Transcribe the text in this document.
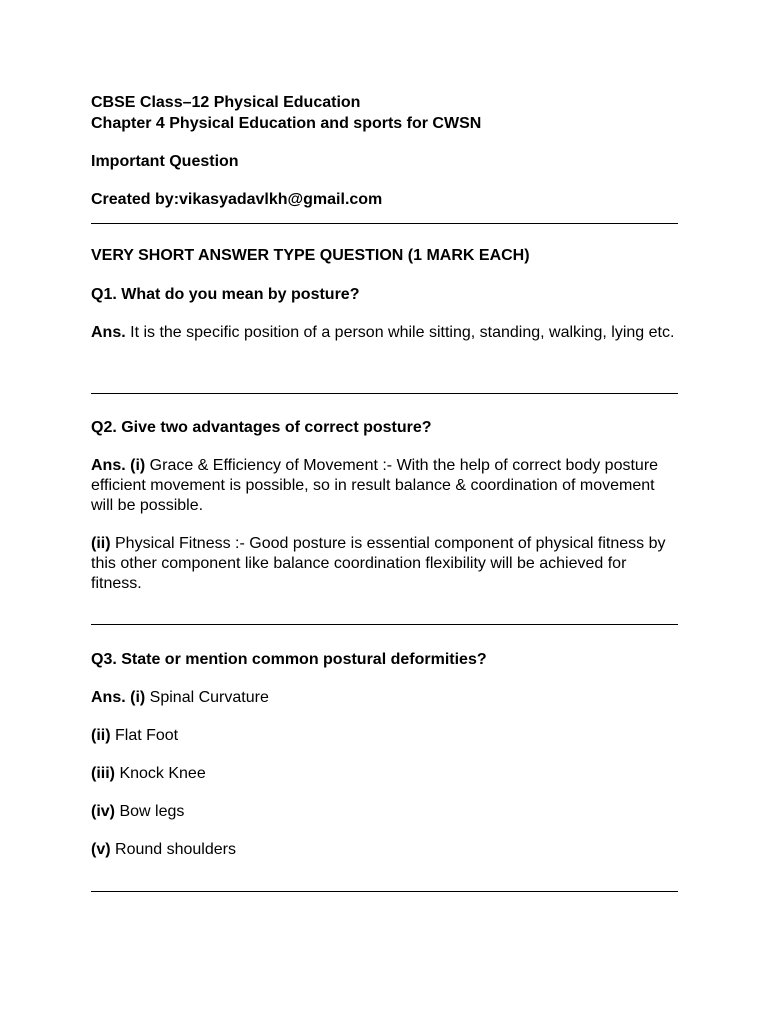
CBSE Class–12 Physical Education
Chapter 4 Physical Education and sports for CWSN
Important Question
Created by:vikasyadavlkh@gmail.com
VERY SHORT ANSWER TYPE QUESTION (1 MARK EACH)
Q1. What do you mean by posture?
Ans. It is the specific position of a person while sitting, standing, walking, lying etc.
Q2. Give two advantages of correct posture?
Ans. (i) Grace & Efficiency of Movement :- With the help of correct body posture efficient movement is possible, so in result balance & coordination of movement will be possible.
(ii) Physical Fitness :- Good posture is essential component of physical fitness by this other component like balance coordination flexibility will be achieved for fitness.
Q3. State or mention common postural deformities?
Ans. (i) Spinal Curvature
(ii) Flat Foot
(iii) Knock Knee
(iv) Bow legs
(v) Round shoulders
